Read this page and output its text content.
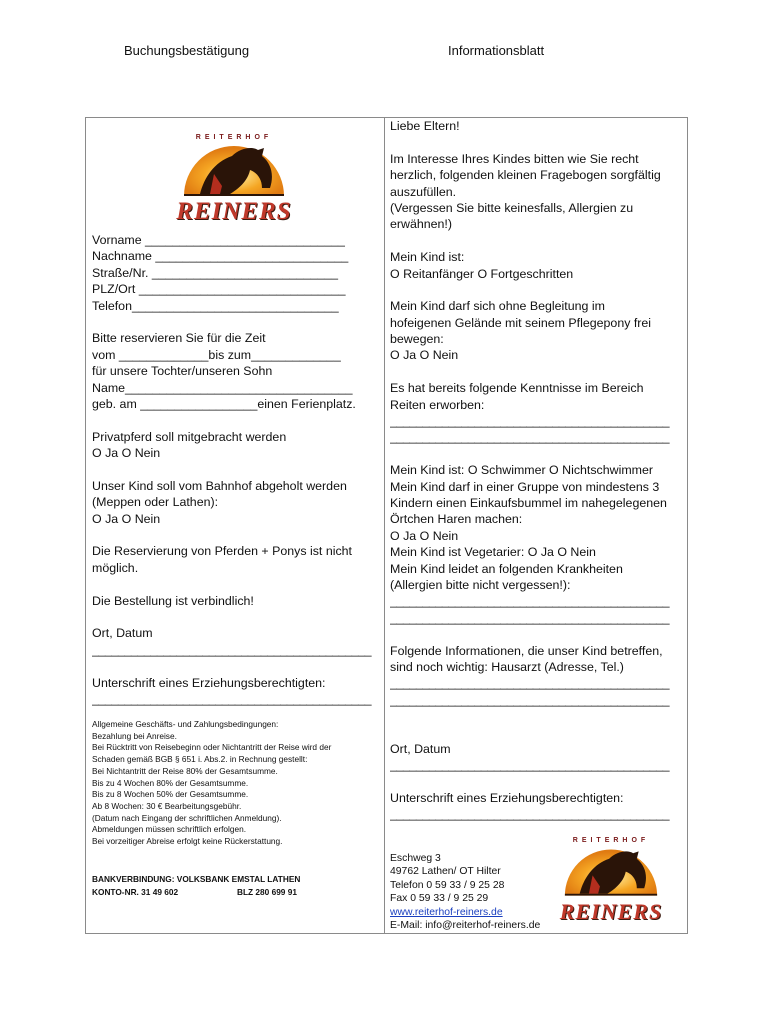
Buchungsbestätigung	Informationsblatt
REITERHOF
REINERS
Vorname _____________________________
Nachname ____________________________
Straße/Nr. ___________________________
PLZ/Ort ______________________________
Telefon______________________________
Bitte reservieren Sie für die Zeit
vom _____________bis zum_____________
für unsere Tochter/unseren Sohn
Name_________________________________
geb. am _________________einen Ferienplatz.
Privatpferd soll mitgebracht werden
O Ja O Nein
Unser Kind soll vom Bahnhof abgeholt werden
(Meppen oder Lathen):
O Ja O Nein
Die Reservierung von Pferden + Ponys ist nicht
möglich.
Die Bestellung ist verbindlich!
Ort, Datum
___________________________________________
Unterschrift eines Erziehungsberechtigten:
___________________________________________
Allgemeine Geschäfts- und Zahlungsbedingungen:
Bezahlung bei Anreise.
Bei Rücktritt von Reisebeginn oder Nichtantritt der Reise wird der
Schaden gemäß BGB § 651 i. Abs.2. in Rechnung gestellt:
Bei Nichtantritt der Reise 80% der Gesamtsumme.
Bis zu 4 Wochen 80% der Gesamtsumme.
Bis zu 8 Wochen 50% der Gesamtsumme.
Ab 8 Wochen: 30 € Bearbeitungsgebühr.
(Datum nach Eingang der schriftlichen Anmeldung).
Abmeldungen müssen schriftlich erfolgen.
Bei vorzeitiger Abreise erfolgt keine Rückerstattung.
BANKVERBINDUNG: VOLKSBANK EMSTAL LATHEN
KONTO-NR. 31 49 602	BLZ 280 699 91
Liebe Eltern!
Im Interesse Ihres Kindes bitten wie Sie recht
herzlich, folgenden kleinen Fragebogen sorgfältig
auszufüllen.
(Vergessen Sie bitte keinesfalls, Allergien zu
erwähnen!)
Mein Kind ist:
O Reitanfänger O Fortgeschritten
Mein Kind darf sich ohne Begleitung im
hofeigenen Gelände mit seinem Pflegepony frei
bewegen:
O Ja O Nein
Es hat bereits folgende Kenntnisse im Bereich
Reiten erworben:
___________________________________________
___________________________________________
Mein Kind ist: O Schwimmer O Nichtschwimmer
Mein Kind darf in einer Gruppe von mindestens 3
Kindern einen Einkaufsbummel im nahegelegenen
Örtchen Haren machen:
O Ja O Nein
Mein Kind ist Vegetarier: O Ja O Nein
Mein Kind leidet an folgenden Krankheiten
(Allergien bitte nicht vergessen!):
___________________________________________
___________________________________________
Folgende Informationen, die unser Kind betreffen,
sind noch wichtig: Hausarzt (Adresse, Tel.)
___________________________________________
___________________________________________
Ort, Datum
___________________________________________
Unterschrift eines Erziehungsberechtigten:
___________________________________________
Eschweg 3
49762 Lathen/ OT Hilter
Telefon 0 59 33 / 9 25 28
Fax 0 59 33 / 9 25 29
www.reiterhof-reiners.de
E-Mail: info@reiterhof-reiners.de
REITERHOF
REINERS
